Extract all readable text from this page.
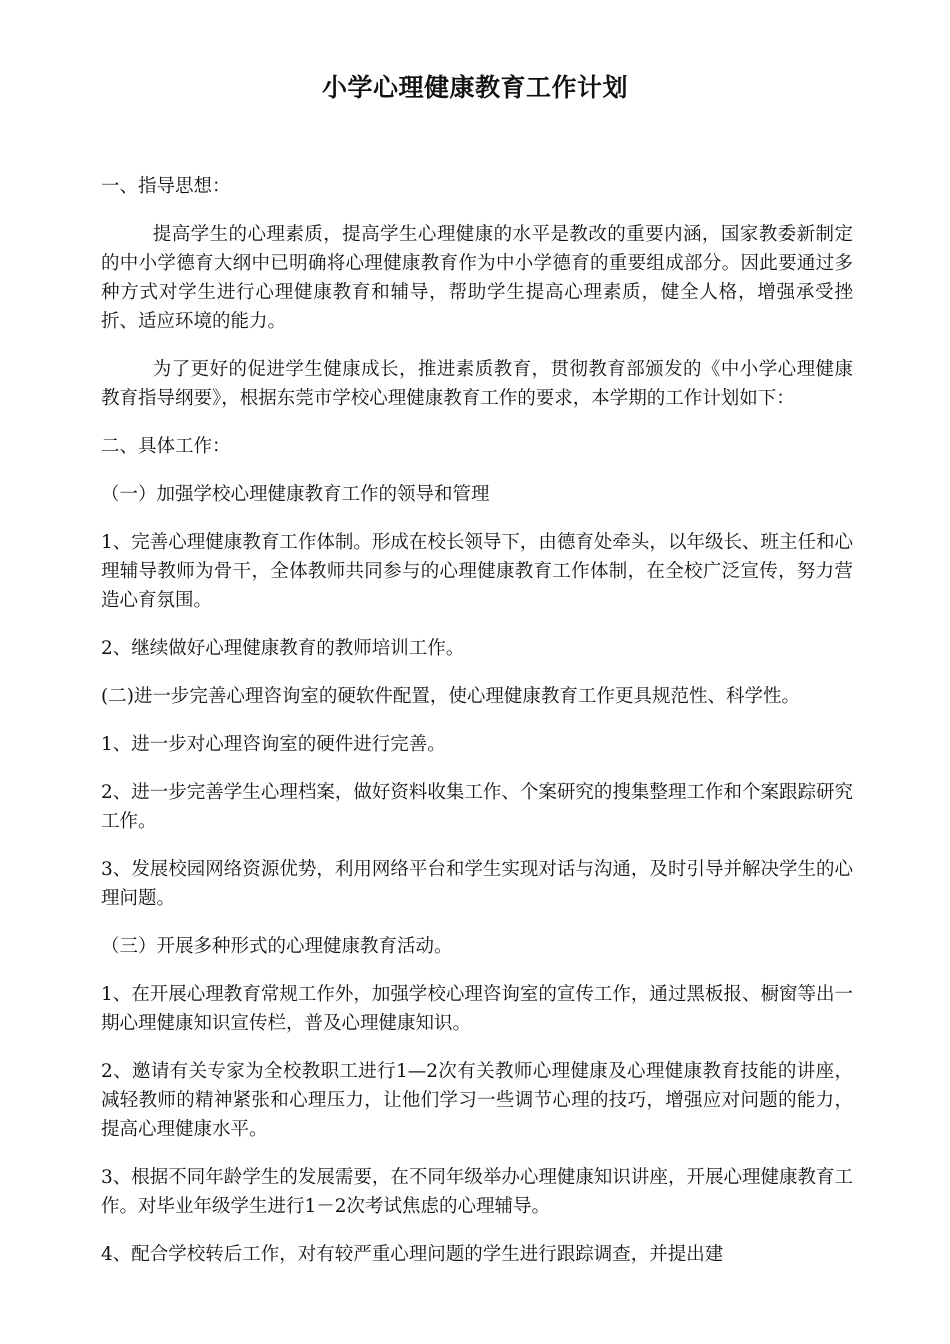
小学心理健康教育工作计划

一、指导思想：

提高学生的心理素质，提高学生心理健康的水平是教改的重要内涵，国家教委新制定的中小学德育大纲中已明确将心理健康教育作为中小学德育的重要组成部分。因此要通过多种方式对学生进行心理健康教育和辅导，帮助学生提高心理素质，健全人格，增强承受挫折、适应环境的能力。

为了更好的促进学生健康成长，推进素质教育，贯彻教育部颁发的《中小学心理健康教育指导纲要》，根据东莞市学校心理健康教育工作的要求，本学期的工作计划如下：

二、具体工作：

（一）加强学校心理健康教育工作的领导和管理

1、完善心理健康教育工作体制。形成在校长领导下，由德育处牵头，以年级长、班主任和心理辅导教师为骨干，全体教师共同参与的心理健康教育工作体制，在全校广泛宣传，努力营造心育氛围。

2、继续做好心理健康教育的教师培训工作。

(二)进一步完善心理咨询室的硬软件配置，使心理健康教育工作更具规范性、科学性。

1、进一步对心理咨询室的硬件进行完善。

2、进一步完善学生心理档案，做好资料收集工作、个案研究的搜集整理工作和个案跟踪研究工作。

3、发展校园网络资源优势，利用网络平台和学生实现对话与沟通，及时引导并解决学生的心理问题。

（三）开展多种形式的心理健康教育活动。

1、在开展心理教育常规工作外，加强学校心理咨询室的宣传工作，通过黑板报、橱窗等出一期心理健康知识宣传栏，普及心理健康知识。

2、邀请有关专家为全校教职工进行1—2次有关教师心理健康及心理健康教育技能的讲座，减轻教师的精神紧张和心理压力，让他们学习一些调节心理的技巧，增强应对问题的能力，提高心理健康水平。

3、根据不同年龄学生的发展需要，在不同年级举办心理健康知识讲座，开展心理健康教育工作。对毕业年级学生进行1－2次考试焦虑的心理辅导。

4、配合学校转后工作，对有较严重心理问题的学生进行跟踪调查，并提出建
